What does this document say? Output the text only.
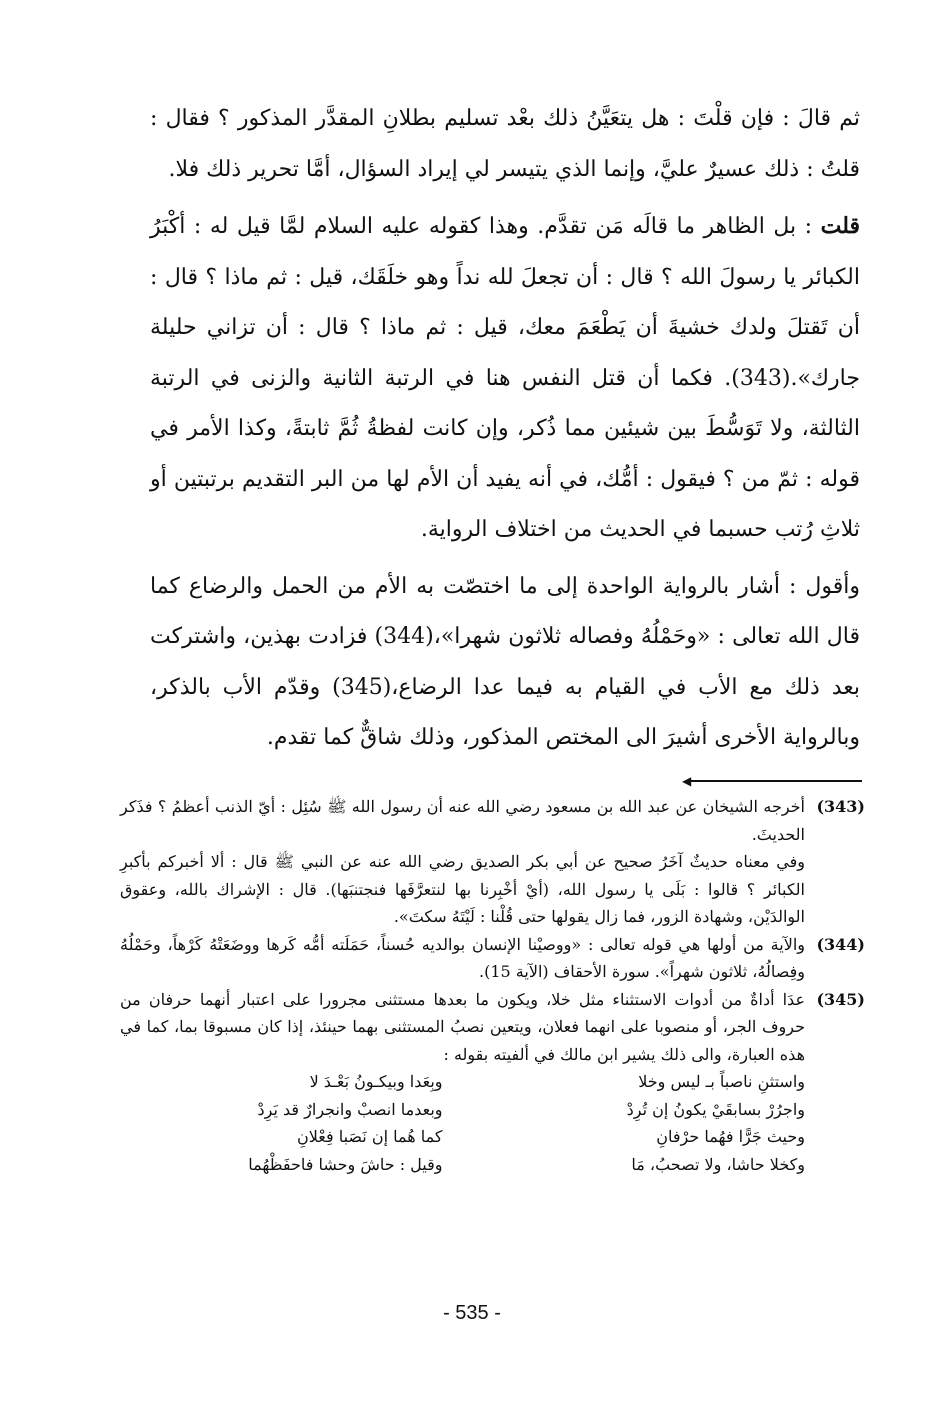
ثم قالَ : فإن قلْتَ : هل يتعَيَّنُ ذلك بعْد تسليم بطلانِ المقدَّر المذكور ؟ فقال : قلتُ : ذلك عسيرٌ عليَّ، وإنما الذي يتيسر لي إيراد السؤال، أمَّا تحرير ذلك فلا.

قلت : بل الظاهر ما قالَه مَن تقدَّم. وهذا كقوله عليه السلام لمَّا قيل له : أكْبَرُ الكبائر يا رسولَ الله ؟ قال : أن تجعلَ لله نداً وهو خلَقَك، قيل : ثم ماذا ؟ قال : أن تَقتلَ ولدك خشيةَ أن يَطْعَمَ معك، قيل : ثم ماذا ؟ قال : أن تزاني حليلة جارك».(343). فكما أن قتل النفس هنا في الرتبة الثانية والزنى في الرتبة الثالثة، ولا تَوَسُّطَ بين شيئين مما ذُكر، وإن كانت لفظةُ ثُمَّ ثابتةً، وكذا الأمر في قوله : ثمّ من ؟ فيقول : أمُّك، في أنه يفيد أن الأم لها من البر التقديم برتبتين أو ثلاثِ رُتب حسبما في الحديث من اختلاف الرواية.

وأقول : أشار بالرواية الواحدة إلى ما اختصّت به الأم من الحمل والرضاع كما قال الله تعالى : «وحَمْلُهُ وفصاله ثلاثون شهرا»،(344) فزادت بهذين، واشتركت بعد ذلك مع الأب في القيام به فيما عدا الرضاع،(345) وقدّم الأب بالذكر، وبالرواية الأخرى أشيرَ الى المختص المذكور، وذلك شاقٌّ كما تقدم.

◀
(343)

أخرجه الشيخان عن عبد الله بن مسعود رضي الله عنه أن رسول الله ﷺ سُئِل : أيّ الذنب أعظمُ ؟ فذَكر الحديثَ.

وفي معناه حديثٌ آخَرُ صحيح عن أبي بكر الصديق رضي الله عنه عن النبي ﷺ قال : ألا أخبركم بأكبرِ الكبائر ؟ قالوا : بَلَى يا رسول الله، (أيْ أخْبِرنا بها لنتعرَّفَها فنجتنبَها). قال : الإشراك بالله، وعقوق الوالدَيْن، وشهادة الزور، فما زال يقولها حتى قُلْنا : لَيْتَهُ سكتَ».

(344)

والآية من أولها هي قوله تعالى : «ووصيْنا الإنسان بوالديه حُسناً، حَمَلَته أمُّه كَرها ووضَعَتْهُ كَرْهاً، وحَمْلُهُ وفِصالُهُ، ثلاثون شهراً». سورة الأحقاف (الآية 15).

(345)

عدَا أداةٌ من أدوات الاستثناء مثل خلا، ويكون ما بعدها مستثنى مجرورا على اعتبار أنهما حرفان من حروف الجر، أو منصوبا على انهما فعلان، ويتعين نصبُ المستثنى بهما حينئذ، إذا كان مسبوقا بما، كما في هذه العبارة، والى ذلك يشير ابن مالك في ألفيته بقوله :

واستثنِ ناصباً بـ ليس وخلا
وبِعَدا وبيكـونُ بَعْـدَ لا
واجرُرْ بسابقَيْ يكونُ إن تُرِدْ
وبعدما انصبْ وانجرارٌ قد يَرِدْ
وحيث جَرًّا فهُما حرْفانِ
كما هُما إن نَصَبا فِعْلانِ
وكخلا حاشا، ولا تصحبُ، مَا
وقيل : حاشَ وحشا فاحفَظْهُما
- 535 -
